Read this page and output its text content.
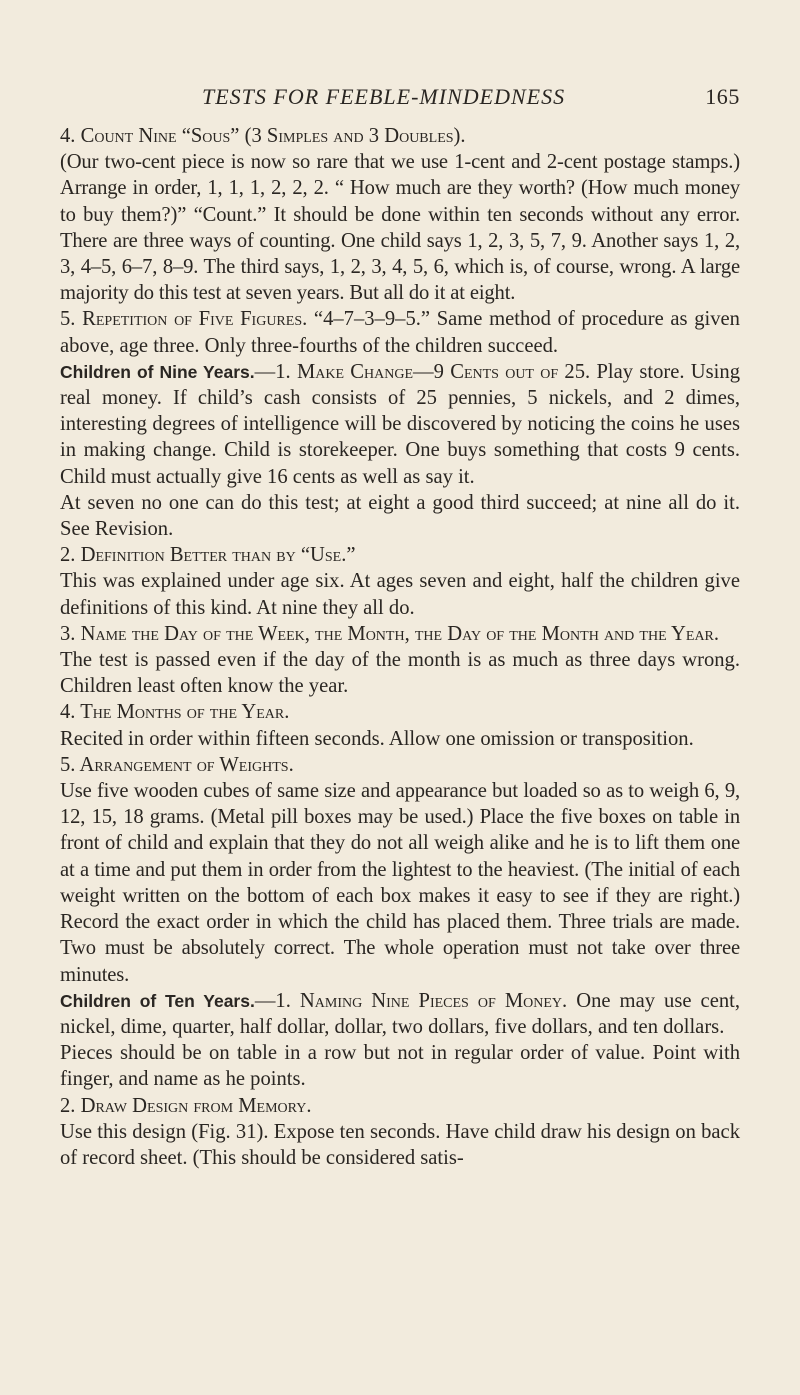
TESTS FOR FEEBLE-MINDEDNESS	165

4. Count Nine “Sous” (3 Simples and 3 Doubles).

(Our two-cent piece is now so rare that we use 1-cent and 2-cent postage stamps.) Arrange in order, 1, 1, 1, 2, 2, 2. “ How much are they worth? (How much money to buy them?)” “Count.” It should be done within ten seconds without any error. There are three ways of counting. One child says 1, 2, 3, 5, 7, 9. Another says 1, 2, 3, 4–5, 6–7, 8–9. The third says, 1, 2, 3, 4, 5, 6, which is, of course, wrong. A large majority do this test at seven years. But all do it at eight.

5. Repetition of Five Figures. “4–7–3–9–5.” Same method of procedure as given above, age three. Only three-fourths of the children succeed.

Children of Nine Years.—1. Make Change—9 Cents out of 25. Play store. Using real money. If child’s cash consists of 25 pennies, 5 nickels, and 2 dimes, interesting degrees of intelligence will be discovered by noticing the coins he uses in making change. Child is storekeeper. One buys something that costs 9 cents. Child must actually give 16 cents as well as say it.

At seven no one can do this test; at eight a good third succeed; at nine all do it. See Revision.

2. Definition Better than by “Use.”

This was explained under age six. At ages seven and eight, half the children give definitions of this kind. At nine they all do.

3. Name the Day of the Week, the Month, the Day of the Month and the Year.

The test is passed even if the day of the month is as much as three days wrong. Children least often know the year.

4. The Months of the Year.

Recited in order within fifteen seconds. Allow one omission or transposition.

5. Arrangement of Weights.

Use five wooden cubes of same size and appearance but loaded so as to weigh 6, 9, 12, 15, 18 grams. (Metal pill boxes may be used.) Place the five boxes on table in front of child and explain that they do not all weigh alike and he is to lift them one at a time and put them in order from the lightest to the heaviest. (The initial of each weight written on the bottom of each box makes it easy to see if they are right.) Record the exact order in which the child has placed them. Three trials are made. Two must be absolutely correct. The whole operation must not take over three minutes.

Children of Ten Years.—1. Naming Nine Pieces of Money. One may use cent, nickel, dime, quarter, half dollar, dollar, two dollars, five dollars, and ten dollars.

Pieces should be on table in a row but not in regular order of value. Point with finger, and name as he points.

2. Draw Design from Memory.

Use this design (Fig. 31). Expose ten seconds. Have child draw his design on back of record sheet. (This should be considered satis-
